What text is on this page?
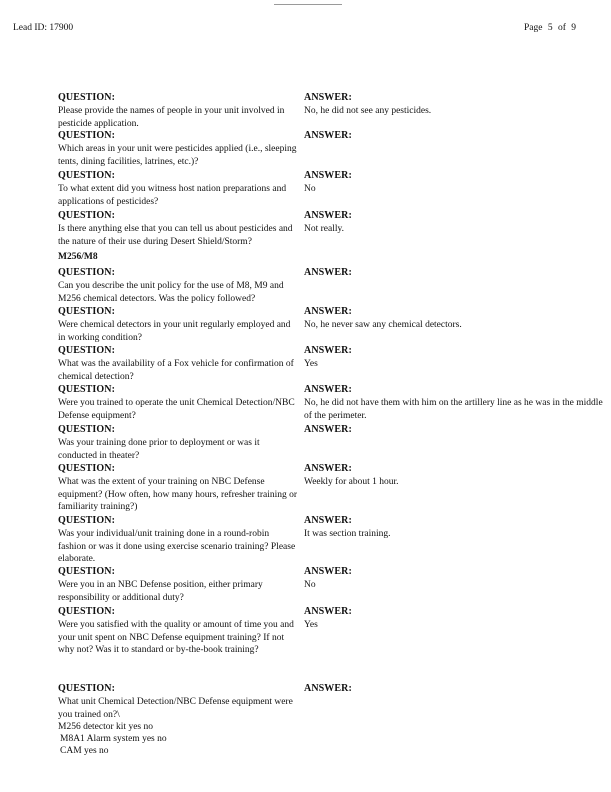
Lead ID: 17900	Page 5 of 9
QUESTION:
Please provide the names of people in your unit involved in pesticide application.
ANSWER:
No, he did not see any pesticides.
QUESTION:
Which areas in your unit were pesticides applied (i.e., sleeping tents, dining facilities, latrines, etc.)?
ANSWER:
QUESTION:
To what extent did you witness host nation preparations and applications of pesticides?
ANSWER:
No
QUESTION:
Is there anything else that you can tell us about pesticides and the nature of their use during Desert Shield/Storm?
ANSWER:
Not really.
M256/M8
QUESTION:
Can you describe the unit policy for the use of M8, M9 and M256 chemical detectors. Was the policy followed?
ANSWER:
QUESTION:
Were chemical detectors in your unit regularly employed and in working condition?
ANSWER:
No, he never saw any chemical detectors.
QUESTION:
What was the availability of a Fox vehicle for confirmation of chemical detection?
ANSWER:
Yes
QUESTION:
Were you trained to operate the unit Chemical Detection/NBC Defense equipment?
ANSWER:
No, he did not have them with him on the artillery line as he was in the middle of the perimeter.
QUESTION:
Was your training done prior to deployment or was it conducted in theater?
ANSWER:
QUESTION:
What was the extent of your training on NBC Defense equipment? (How often, how many hours, refresher training or familiarity training?)
ANSWER:
Weekly for about 1 hour.
QUESTION:
Was your individual/unit training done in a round-robin fashion or was it done using exercise scenario training? Please elaborate.
ANSWER:
It was section training.
QUESTION:
Were you in an NBC Defense position, either primary responsibility or additional duty?
ANSWER:
No
QUESTION:
Were you satisfied with the quality or amount of time you and your unit spent on NBC Defense equipment training? If not why not? Was it to standard or by-the-book training?
ANSWER:
Yes
QUESTION:
What unit Chemical Detection/NBC Defense equipment were you trained on?\
M256 detector kit yes no
M8A1 Alarm system yes no
CAM yes no
ANSWER:
